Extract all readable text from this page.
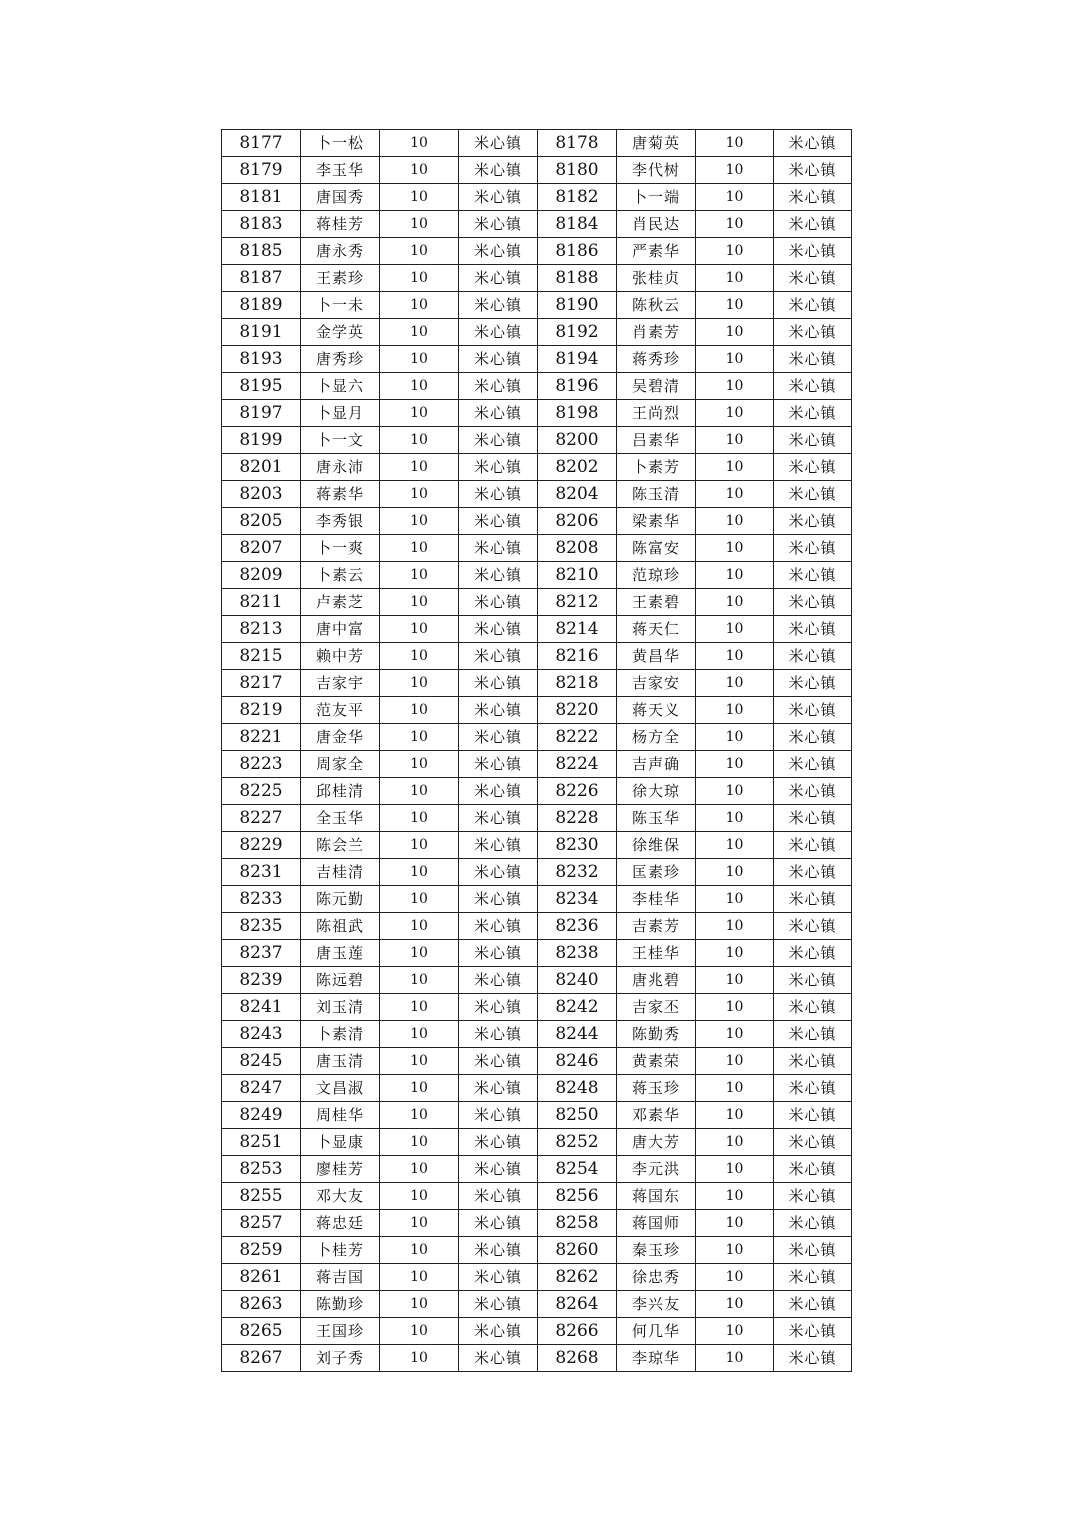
8177	卜一松	10	米心镇	8178	唐菊英	10	米心镇
8179	李玉华	10	米心镇	8180	李代树	10	米心镇
8181	唐国秀	10	米心镇	8182	卜一端	10	米心镇
8183	蒋桂芳	10	米心镇	8184	肖民达	10	米心镇
8185	唐永秀	10	米心镇	8186	严素华	10	米心镇
8187	王素珍	10	米心镇	8188	张桂贞	10	米心镇
8189	卜一未	10	米心镇	8190	陈秋云	10	米心镇
8191	金学英	10	米心镇	8192	肖素芳	10	米心镇
8193	唐秀珍	10	米心镇	8194	蒋秀珍	10	米心镇
8195	卜显六	10	米心镇	8196	吴碧清	10	米心镇
8197	卜显月	10	米心镇	8198	王尚烈	10	米心镇
8199	卜一文	10	米心镇	8200	吕素华	10	米心镇
8201	唐永沛	10	米心镇	8202	卜素芳	10	米心镇
8203	蒋素华	10	米心镇	8204	陈玉清	10	米心镇
8205	李秀银	10	米心镇	8206	梁素华	10	米心镇
8207	卜一爽	10	米心镇	8208	陈富安	10	米心镇
8209	卜素云	10	米心镇	8210	范琼珍	10	米心镇
8211	卢素芝	10	米心镇	8212	王素碧	10	米心镇
8213	唐中富	10	米心镇	8214	蒋天仁	10	米心镇
8215	赖中芳	10	米心镇	8216	黄昌华	10	米心镇
8217	吉家宇	10	米心镇	8218	吉家安	10	米心镇
8219	范友平	10	米心镇	8220	蒋天义	10	米心镇
8221	唐金华	10	米心镇	8222	杨方全	10	米心镇
8223	周家全	10	米心镇	8224	吉声确	10	米心镇
8225	邱桂清	10	米心镇	8226	徐大琼	10	米心镇
8227	全玉华	10	米心镇	8228	陈玉华	10	米心镇
8229	陈会兰	10	米心镇	8230	徐维保	10	米心镇
8231	吉桂清	10	米心镇	8232	匡素珍	10	米心镇
8233	陈元勤	10	米心镇	8234	李桂华	10	米心镇
8235	陈祖武	10	米心镇	8236	吉素芳	10	米心镇
8237	唐玉莲	10	米心镇	8238	王桂华	10	米心镇
8239	陈远碧	10	米心镇	8240	唐兆碧	10	米心镇
8241	刘玉清	10	米心镇	8242	吉家丕	10	米心镇
8243	卜素清	10	米心镇	8244	陈勤秀	10	米心镇
8245	唐玉清	10	米心镇	8246	黄素荣	10	米心镇
8247	文昌淑	10	米心镇	8248	蒋玉珍	10	米心镇
8249	周桂华	10	米心镇	8250	邓素华	10	米心镇
8251	卜显康	10	米心镇	8252	唐大芳	10	米心镇
8253	廖桂芳	10	米心镇	8254	李元洪	10	米心镇
8255	邓大友	10	米心镇	8256	蒋国东	10	米心镇
8257	蒋忠廷	10	米心镇	8258	蒋国师	10	米心镇
8259	卜桂芳	10	米心镇	8260	秦玉珍	10	米心镇
8261	蒋吉国	10	米心镇	8262	徐忠秀	10	米心镇
8263	陈勤珍	10	米心镇	8264	李兴友	10	米心镇
8265	王国珍	10	米心镇	8266	何几华	10	米心镇
8267	刘子秀	10	米心镇	8268	李琼华	10	米心镇
